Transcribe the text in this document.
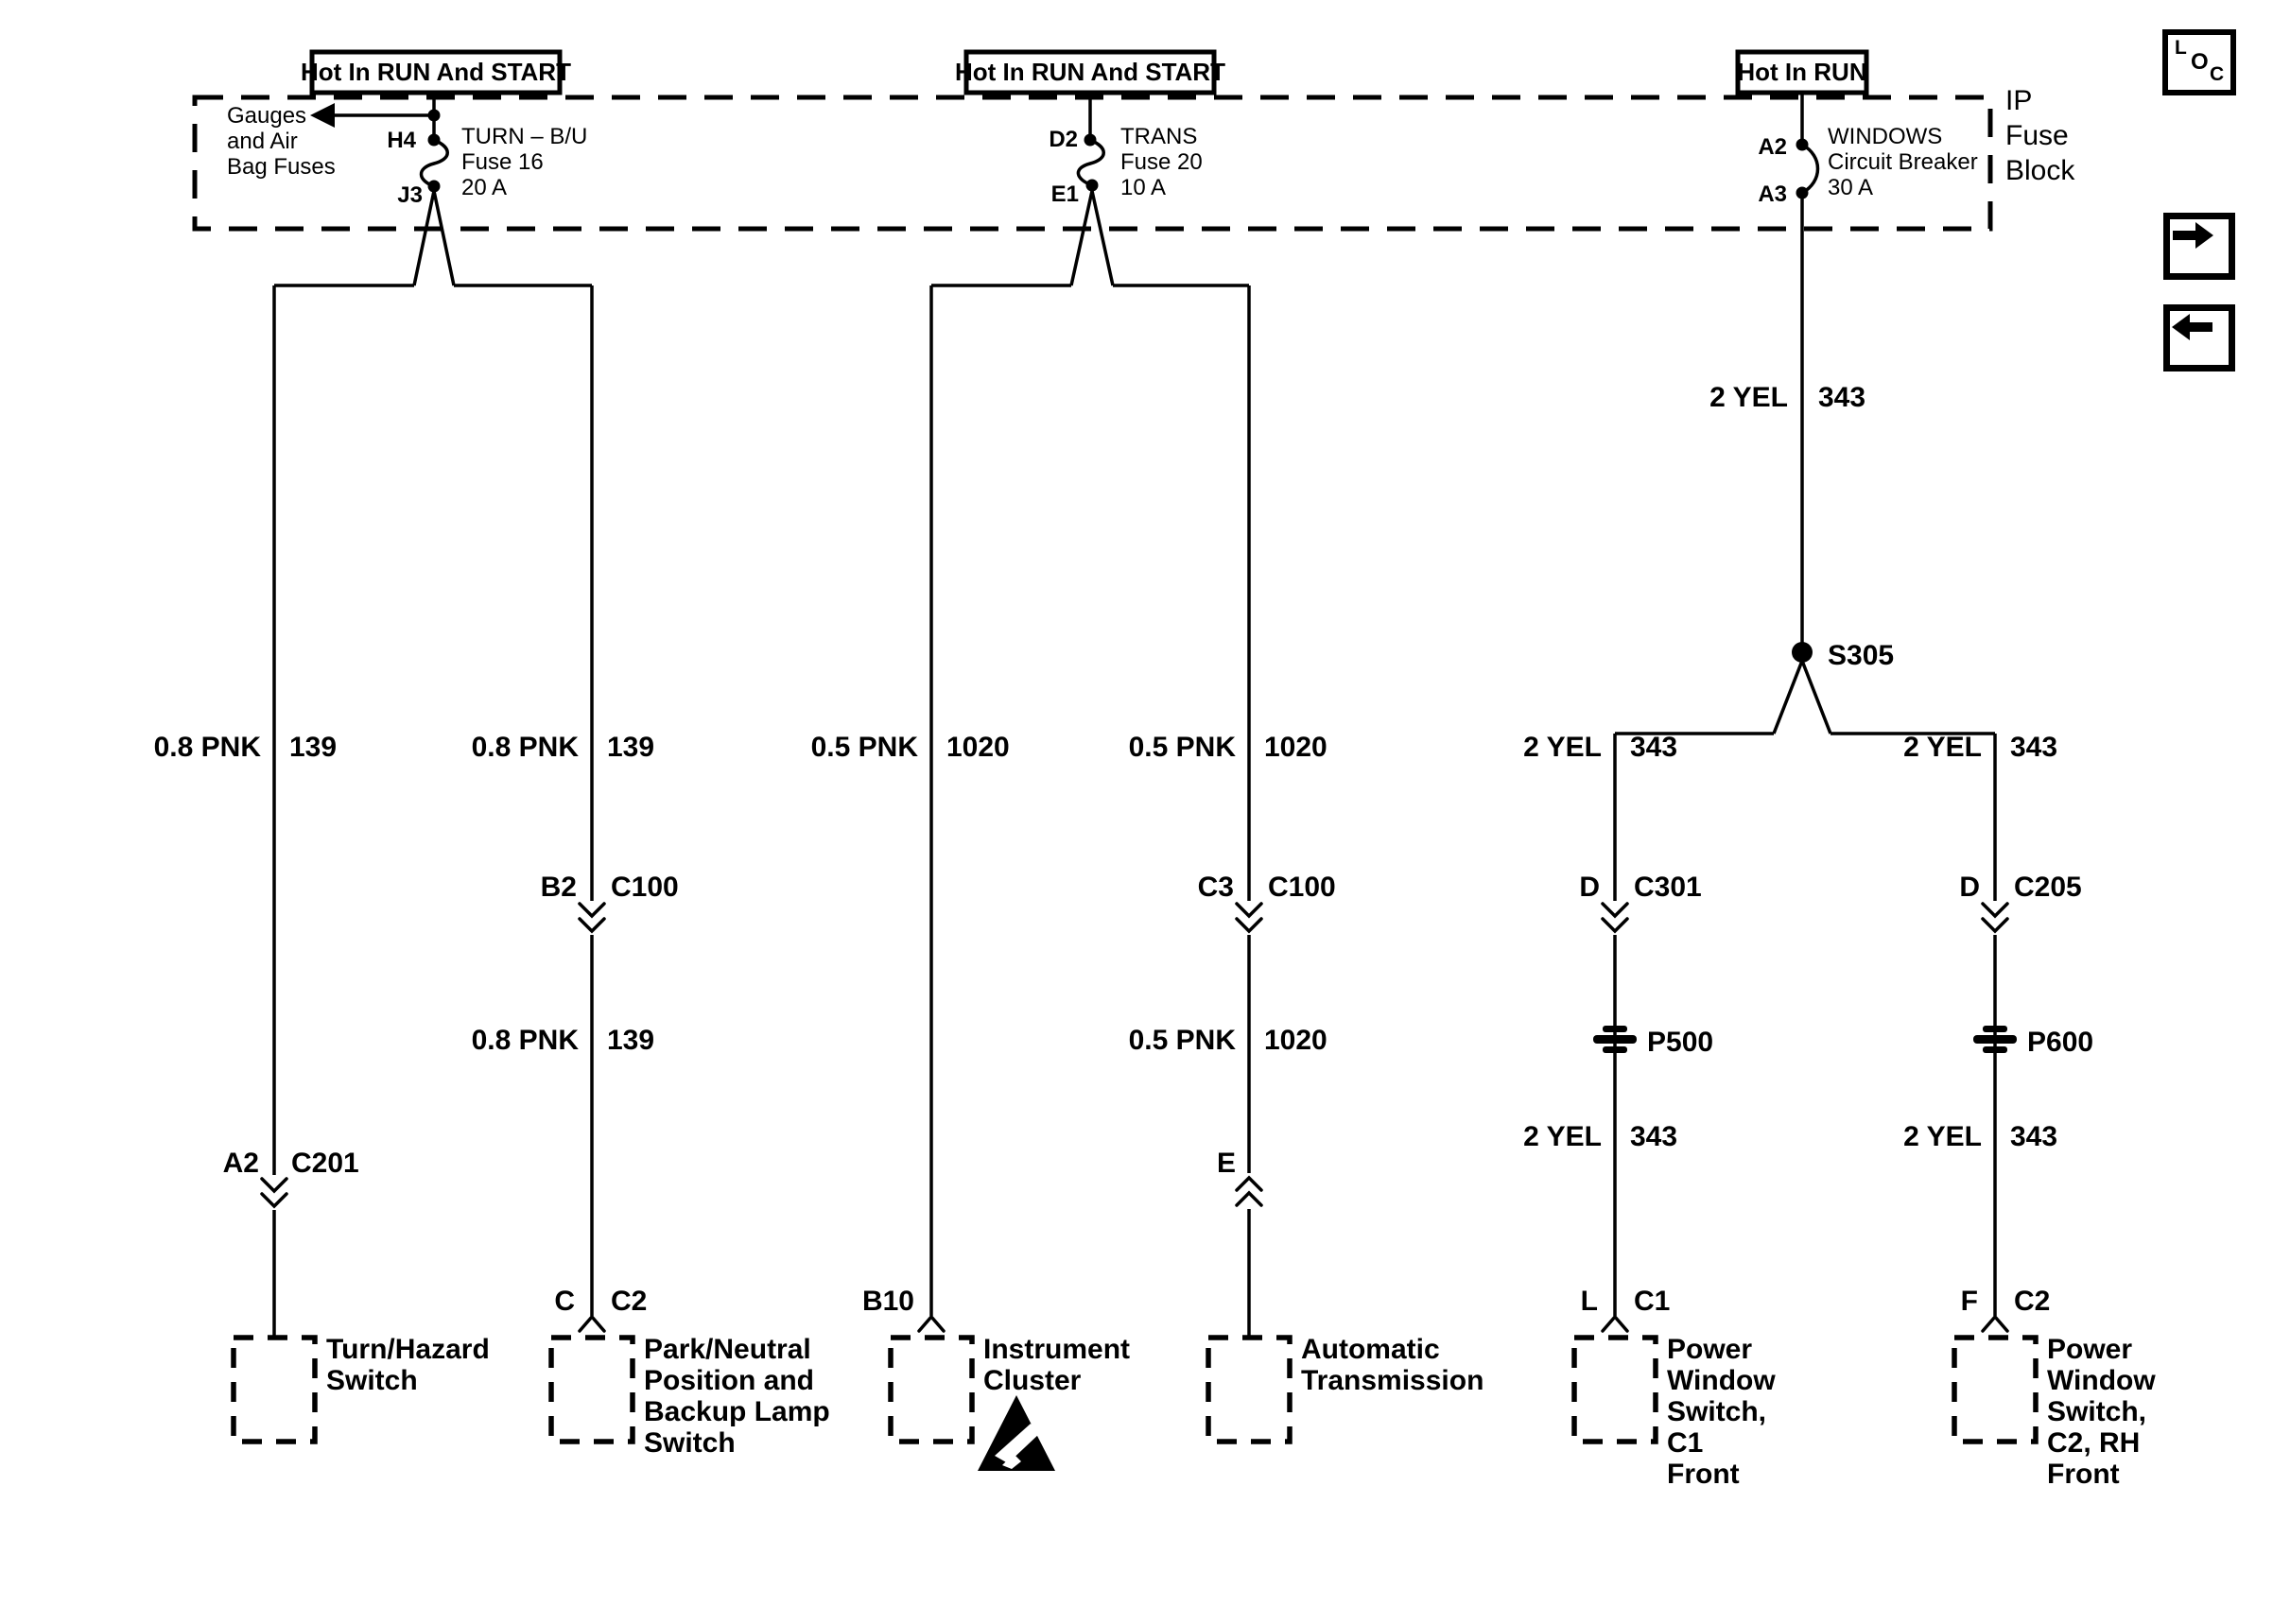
IP
Fuse
Block
Hot In RUN And START	Hot In RUN And START	Hot In RUN
Gauges
and Air
Bag Fuses
H4
J3
TURN – B/U
Fuse 16
20 A
D2
E1
TRANS
Fuse 20
10 A
A2
A3
WINDOWS
Circuit Breaker
30 A
2 YEL 343
S305
0.8 PNK 139	0.8 PNK 139	0.5 PNK 1020	0.5 PNK 1020	2 YEL 343	2 YEL 343
B2 C100	C3 C100	D C301	D C205
0.8 PNK 139	0.5 PNK 1020	P500	P600
2 YEL 343	2 YEL 343
A2 C201	E
C C2	B10	L C1	F C2
Turn/Hazard
Switch
Park/Neutral
Position and
Backup Lamp
Switch
Instrument
Cluster
Automatic
Transmission
Power
Window
Switch,
C1
Front
Power
Window
Switch,
C2, RH
Front
L
O C
